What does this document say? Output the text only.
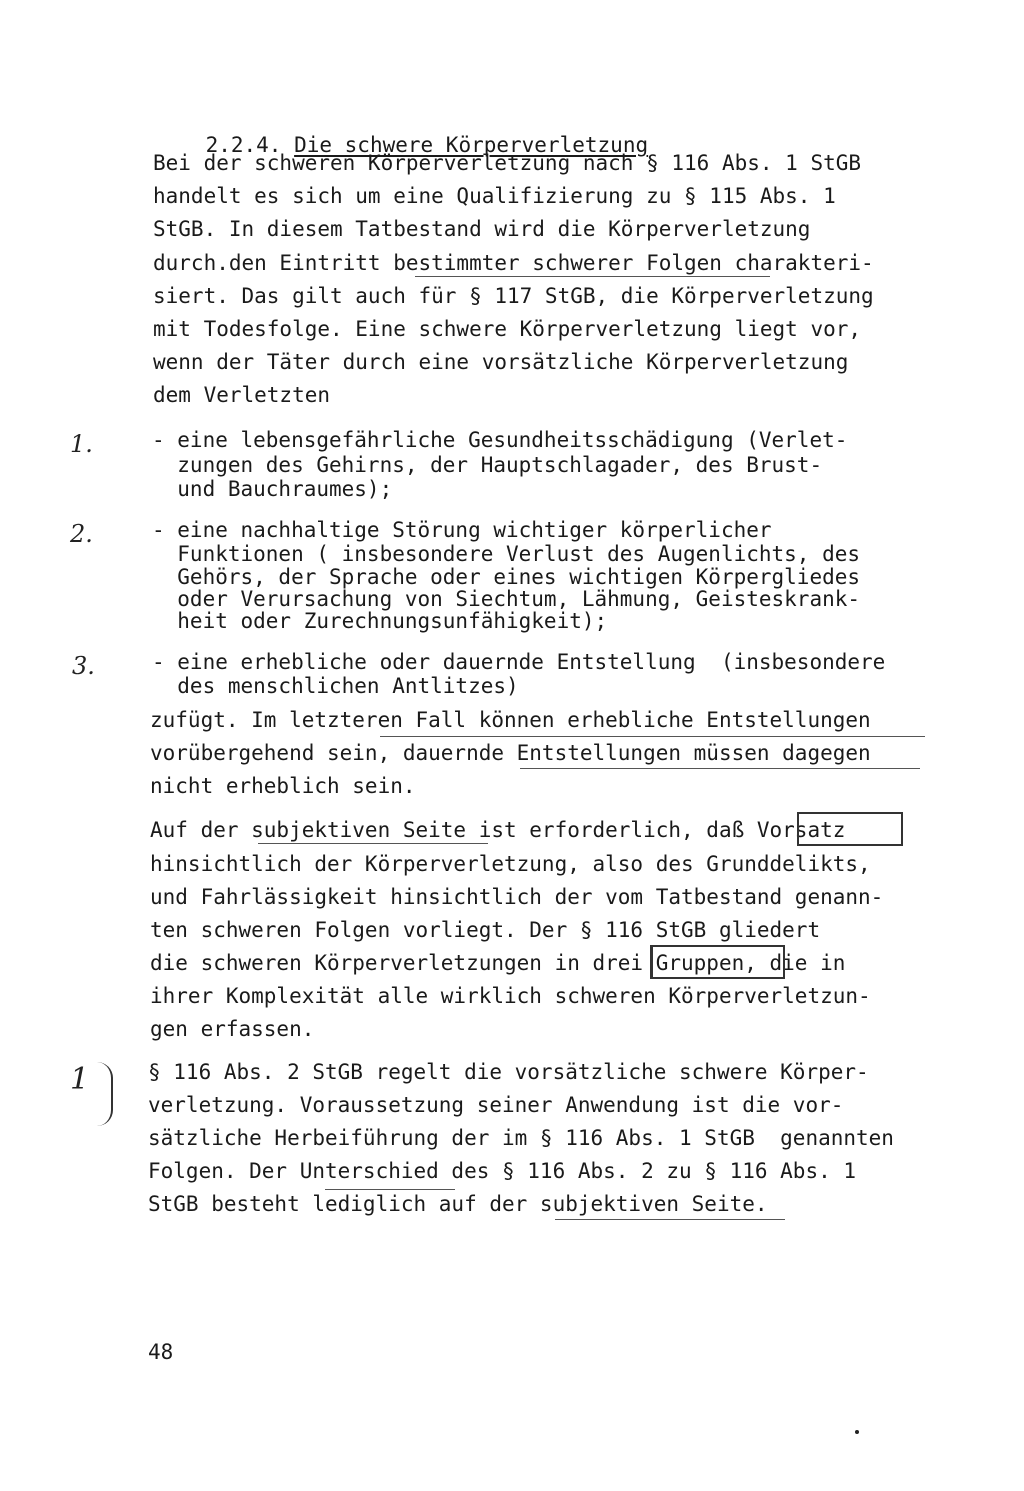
2.2.4. Die schwere Körperverletzung

Bei der schweren Körperverletzung nach § 116 Abs. 1 StGB
handelt es sich um eine Qualifizierung zu § 115 Abs. 1
StGB. In diesem Tatbestand wird die Körperverletzung
durch.den Eintritt bestimmter schwerer Folgen charakteri-
siert. Das gilt auch für § 117 StGB, die Körperverletzung
mit Todesfolge. Eine schwere Körperverletzung liegt vor,
wenn der Täter durch eine vorsätzliche Körperverletzung
dem Verletzten
1.	- eine lebensgefährliche Gesundheitsschädigung (Verlet-
zungen des Gehirns, der Hauptschlagader, des Brust-
und Bauchraumes);
2.	- eine nachhaltige Störung wichtiger körperlicher
Funktionen ( insbesondere Verlust des Augenlichts, des
Gehörs, der Sprache oder eines wichtigen Körpergliedes
oder Verursachung von Siechtum, Lähmung, Geisteskrank-
heit oder Zurechnungsunfähigkeit);
3.	- eine erhebliche oder dauernde Entstellung  (insbesondere
des menschlichen Antlitzes)
zufügt. Im letzteren Fall können erhebliche Entstellungen
vorübergehend sein, dauernde Entstellungen müssen dagegen
nicht erheblich sein.
Auf der subjektiven Seite ist erforderlich, daß Vorsatz
hinsichtlich der Körperverletzung, also des Grunddelikts,
und Fahrlässigkeit hinsichtlich der vom Tatbestand genann-
ten schweren Folgen vorliegt. Der § 116 StGB gliedert
die schweren Körperverletzungen in drei Gruppen, die in
ihrer Komplexität alle wirklich schweren Körperverletzun-
gen erfassen.
1	§ 116 Abs. 2 StGB regelt die vorsätzliche schwere Körper-
verletzung. Voraussetzung seiner Anwendung ist die vor-
sätzliche Herbeiführung der im § 116 Abs. 1 StGB  genannten
Folgen. Der Unterschied des § 116 Abs. 2 zu § 116 Abs. 1
StGB besteht lediglich auf der subjektiven Seite.
48
